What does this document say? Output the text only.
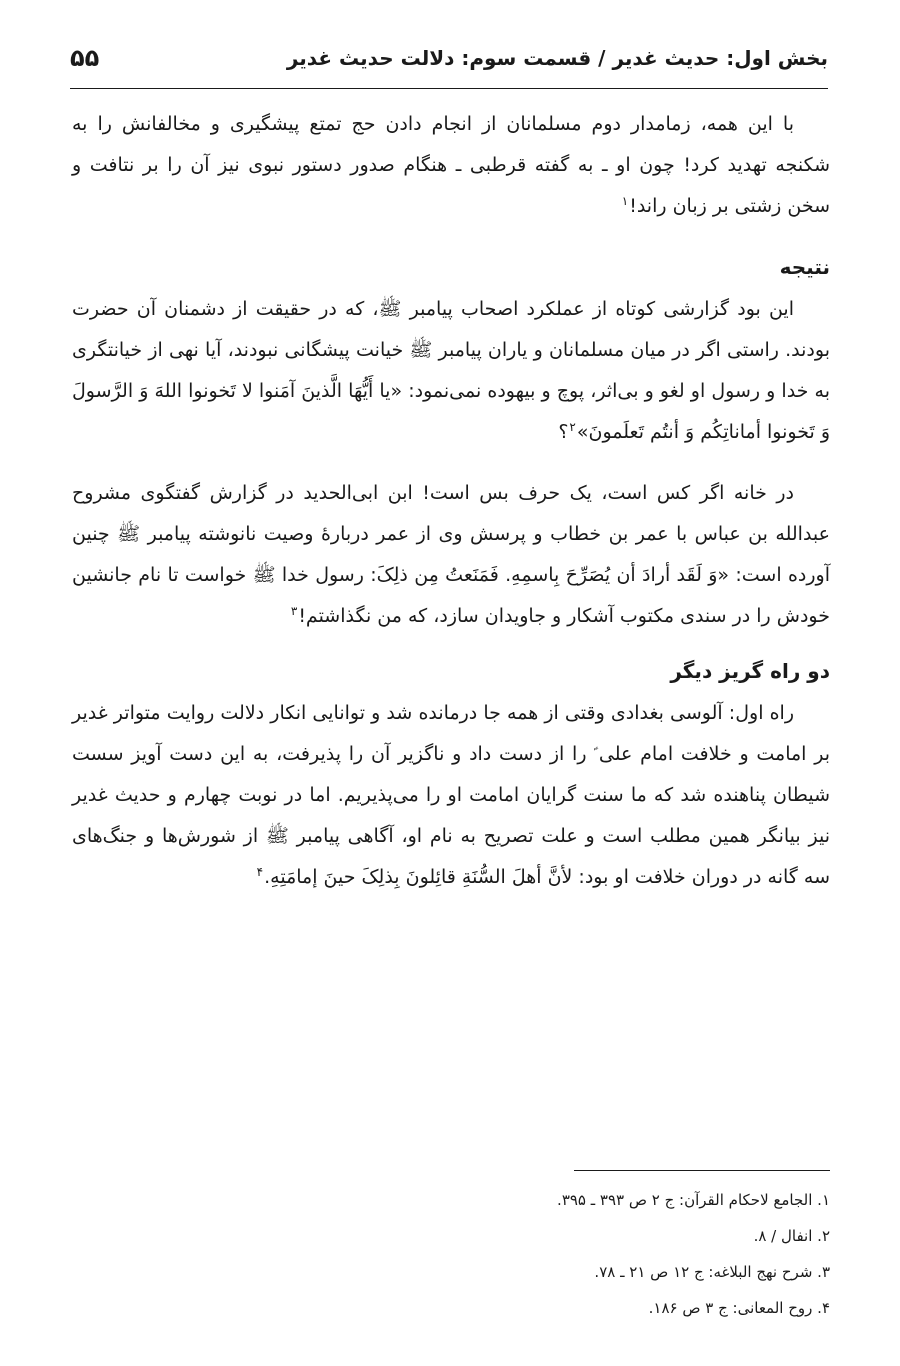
بخش اول: حدیث غدیر / قسمت سوم: دلالت حدیث غدیر
۵۵

با این همه، زمامدار دوم مسلمانان از انجام دادن حج تمتع پیشگیری و مخالفانش را به شکنجه تهدید کرد! چون او ـ به گفته قرطبی ـ هنگام صدور دستور نبوی نیز آن را بر نتافت و سخن زشتی بر زبان راند!$^۱$

نتیجه

این بود گزارشی کوتاه از عملکرد اصحاب پیامبر ﷺ، که در حقیقت از دشمنان آن حضرت بودند. راستی اگر در میان مسلمانان و یاران پیامبر ﷺ خیانت پیشگانی نبودند، آیا نهی از خیانتگری به خدا و رسول او لغو و بی‌اثر، پوچ و بیهوده نمی‌نمود: «یا أَیُّهَا الَّذینَ آمَنوا لا تَخونوا اللهَ وَ الرَّسولَ وَ تَخونوا أماناتِکُم وَ أنتُم تَعلَمونَ»$^۲$؟

در خانه اگر کس است، یک حرف بس است! ابن ابی‌الحدید در گزارش گفتگوی مشروح عبدالله بن عباس با عمر بن خطاب و پرسش وی از عمر دربارهٔ وصیت نانوشته پیامبر ﷺ چنین آورده است: «وَ لَقَد أرادَ أن یُصَرِّحَ بِاسمِهِ. فَمَنَعتُ مِن ذلِکَ: رسول خدا ﷺ خواست تا نام جانشین خودش را در سندی مکتوب آشکار و جاویدان سازد، که من نگذاشتم!$^۳$

دو راه گریز دیگر

راه اول: آلوسی بغدادی وقتی از همه جا درمانده شد و توانایی انکار دلالت روایت متواتر غدیر بر امامت و خلافت امام علی ؑ را از دست داد و ناگزیر آن را پذیرفت، به این دست آویز سست شیطان پناهنده شد که ما سنت گرایان امامت او را می‌پذیریم. اما در نوبت چهارم و حدیث غدیر نیز بیانگر همین مطلب است و علت تصریح به نام او، آگاهی پیامبر ﷺ از شورش‌ها و جنگ‌های سه گانه در دوران خلافت او بود: لأنَّ أهلَ السُّنَةِ قائِلونَ بِذلِکَ حینَ إمامَتِهِ.$^۴$

۱. الجامع لاحکام القرآن: ج ۲ ص ۳۹۳ ـ ۳۹۵.
۲. انفال / ۸.
۳. شرح نهج البلاغه: ج ۱۲ ص ۲۱ ـ ۷۸.
۴. روح المعانی: ج ۳ ص ۱۸۶.
